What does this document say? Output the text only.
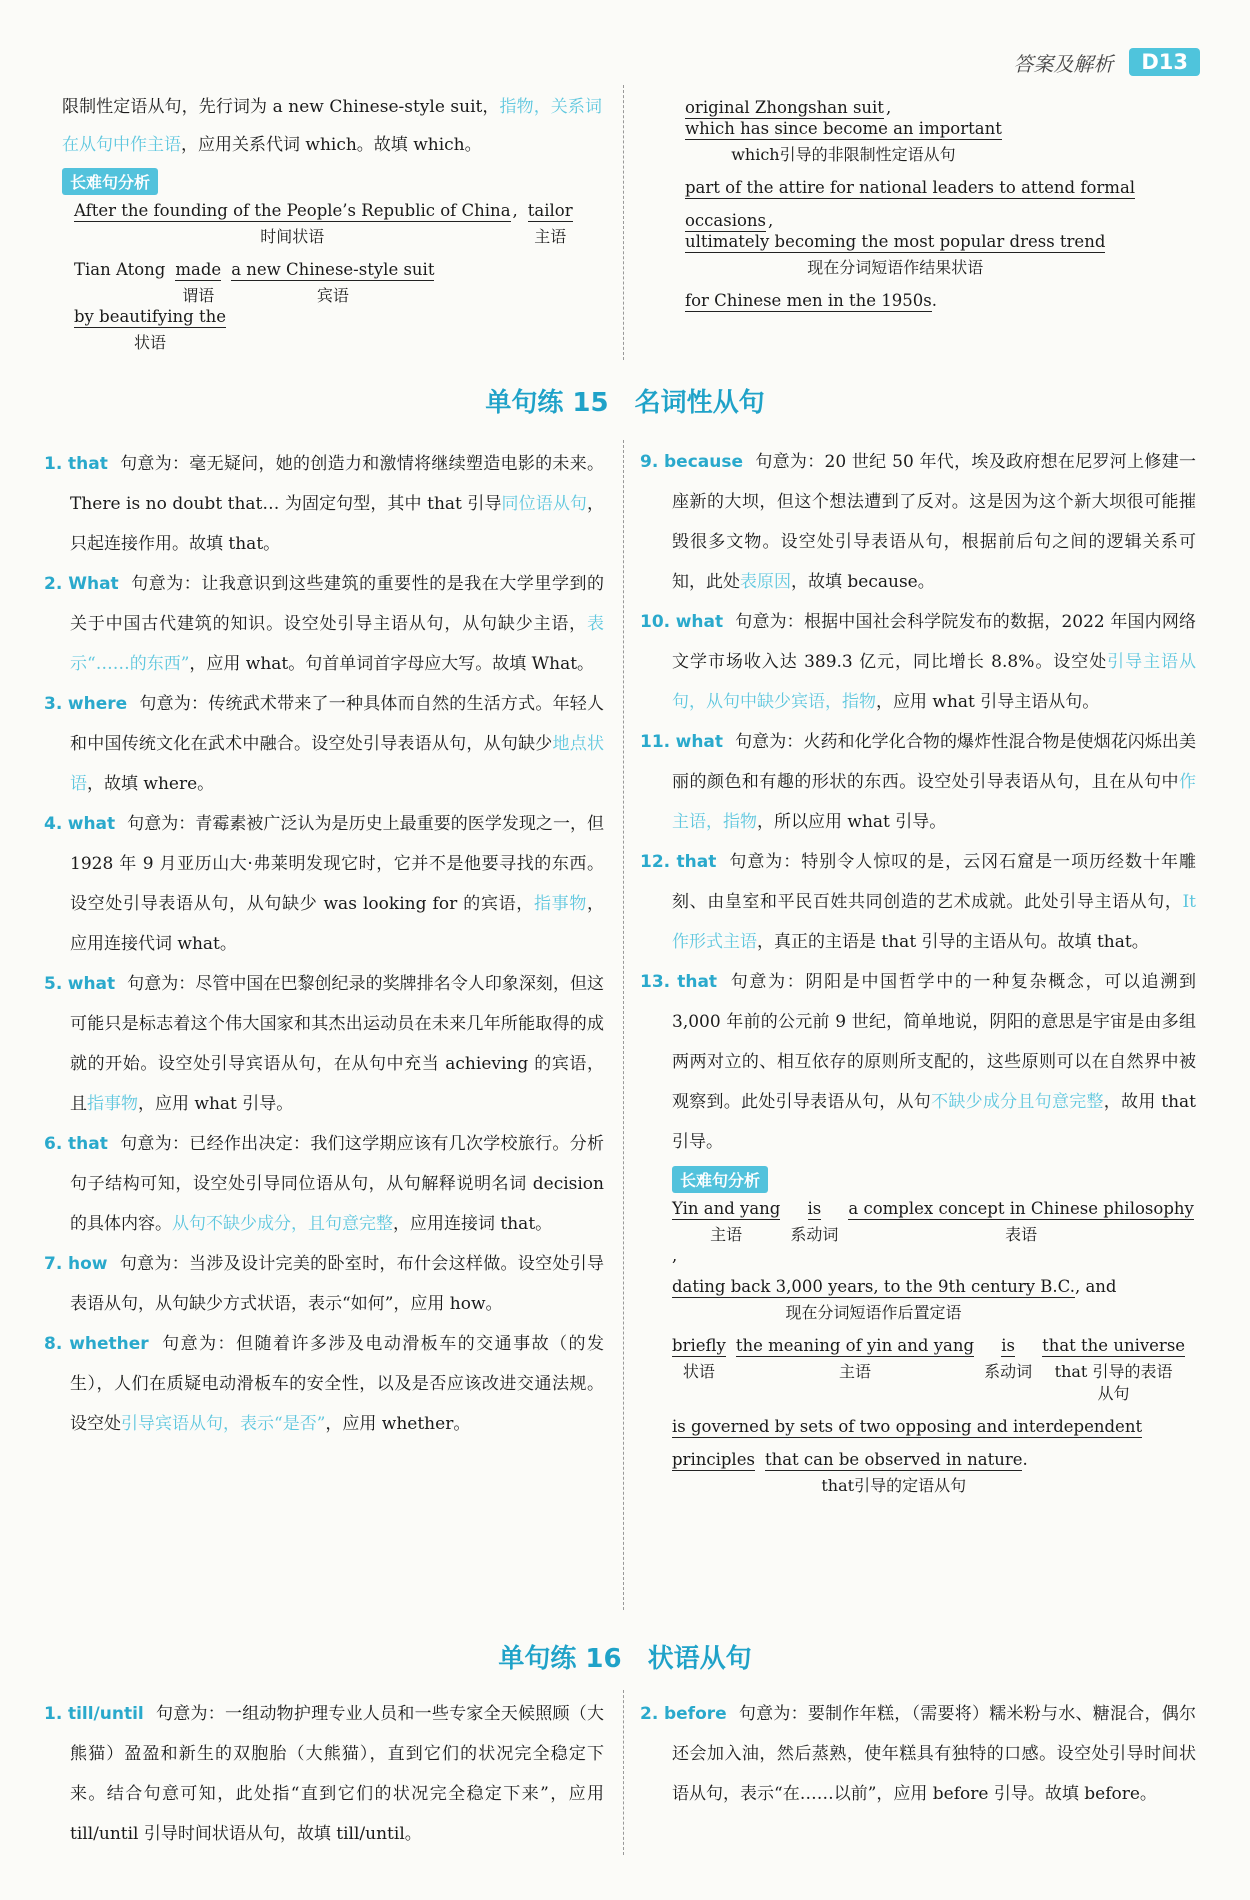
答案及解析	D13

限制性定语从句，先行词为 a new Chinese-style suit，指物，关系词在从句中作主语，应用关系代词 which。故填 which。

长难句分析
After the founding of the People’s Republic of China
时间状语
, tailor
主语
Tian Atong made
谓语
a new Chinese-style suit
宾语
by beautifying the
状语
original Zhongshan suit ,which has since become an important
which引导的非限制性定语从句
part of the attire for national leaders to attend formal
occasions ,ultimately becoming the most popular dress trend
现在分词短语作结果状语
for Chinese men in the 1950s.
单句练 15　名词性从句

1. that 句意为：毫无疑问，她的创造力和激情将继续塑造电影的未来。There is no doubt that… 为固定句型，其中 that 引导同位语从句，只起连接作用。故填 that。

2. What 句意为：让我意识到这些建筑的重要性的是我在大学里学到的关于中国古代建筑的知识。设空处引导主语从句，从句缺少主语，表示“……的东西”，应用 what。句首单词首字母应大写。故填 What。

3. where 句意为：传统武术带来了一种具体而自然的生活方式。年轻人和中国传统文化在武术中融合。设空处引导表语从句，从句缺少地点状语，故填 where。

4. what 句意为：青霉素被广泛认为是历史上最重要的医学发现之一，但 1928 年 9 月亚历山大·弗莱明发现它时，它并不是他要寻找的东西。设空处引导表语从句，从句缺少 was looking for 的宾语，指事物，应用连接代词 what。

5. what 句意为：尽管中国在巴黎创纪录的奖牌排名令人印象深刻，但这可能只是标志着这个伟大国家和其杰出运动员在未来几年所能取得的成就的开始。设空处引导宾语从句，在从句中充当 achieving 的宾语，且指事物，应用 what 引导。

6. that 句意为：已经作出决定：我们这学期应该有几次学校旅行。分析句子结构可知，设空处引导同位语从句，从句解释说明名词 decision 的具体内容。从句不缺少成分，且句意完整，应用连接词 that。

7. how 句意为：当涉及设计完美的卧室时，布什会这样做。设空处引导表语从句，从句缺少方式状语，表示“如何”，应用 how。

8. whether 句意为：但随着许多涉及电动滑板车的交通事故（的发生），人们在质疑电动滑板车的安全性，以及是否应该改进交通法规。设空处引导宾语从句，表示“是否”，应用 whether。

9. because 句意为：20 世纪 50 年代，埃及政府想在尼罗河上修建一座新的大坝，但这个想法遭到了反对。这是因为这个新大坝很可能摧毁很多文物。设空处引导表语从句，根据前后句之间的逻辑关系可知，此处表原因，故填 because。

10. what 句意为：根据中国社会科学院发布的数据，2022 年国内网络文学市场收入达 389.3 亿元，同比增长 8.8%。设空处引导主语从句，从句中缺少宾语，指物，应用 what 引导主语从句。

11. what 句意为：火药和化学化合物的爆炸性混合物是使烟花闪烁出美丽的颜色和有趣的形状的东西。设空处引导表语从句，且在从句中作主语，指物，所以应用 what 引导。

12. that 句意为：特别令人惊叹的是，云冈石窟是一项历经数十年雕刻、由皇室和平民百姓共同创造的艺术成就。此处引导主语从句，It 作形式主语，真正的主语是 that 引导的主语从句。故填 that。

13. that 句意为：阴阳是中国哲学中的一种复杂概念，可以追溯到 3,000 年前的公元前 9 世纪，简单地说，阴阳的意思是宇宙是由多组两两对立的、相互依存的原则所支配的，这些原则可以在自然界中被观察到。此处引导表语从句，从句不缺少成分且句意完整，故用 that 引导。

长难句分析
Yin and yang
主语
is
系动词
a complex concept in Chinese philosophy
表语
,
dating back 3,000 years, to the 9th century B.C.
现在分词短语作后置定语
, and
briefly
状语
the meaning of yin and yang
主语
is
系动词
that the universe
that 引导的表语从句
is governed by sets of two opposing and interdependent
principles that can be observed in nature
that引导的定语从句
.
单句练 16　状语从句

1. till/until 句意为：一组动物护理专业人员和一些专家全天候照顾（大熊猫）盈盈和新生的双胞胎（大熊猫），直到它们的状况完全稳定下来。结合句意可知，此处指“直到它们的状况完全稳定下来”，应用 till/until 引导时间状语从句，故填 till/until。

2. before 句意为：要制作年糕，（需要将）糯米粉与水、糖混合，偶尔还会加入油，然后蒸熟，使年糕具有独特的口感。设空处引导时间状语从句，表示“在……以前”，应用 before 引导。故填 before。
